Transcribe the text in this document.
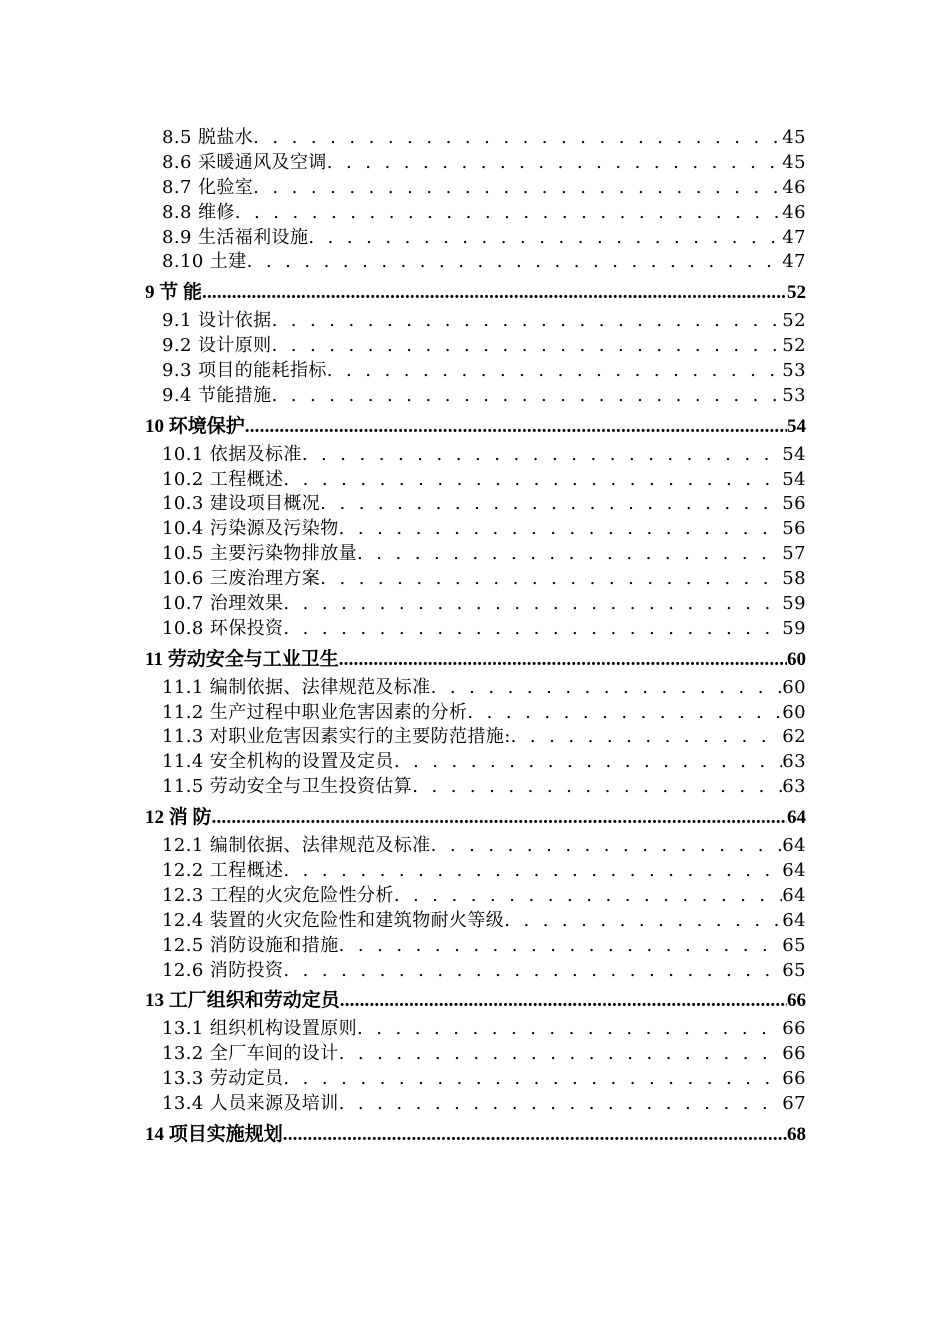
8.5 脱盐水 . . .	45
8.6 采暖通风及空调 . . .	45
8.7 化验室 . . .	46
8.8 维修 . . .	46
8.9 生活福利设施 . . .	47
8.10 土建 . . .	47
9 节 能 .....	52
9.1 设计依据 . . .	52
9.2 设计原则 . . .	52
9.3 项目的能耗指标 . . .	53
9.4 节能措施 . . .	53
10 环境保护 .....	54
10.1 依据及标准 . . .	54
10.2 工程概述 . . .	54
10.3 建设项目概况 . . .	56
10.4 污染源及污染物 . . .	56
10.5 主要污染物排放量 . . .	57
10.6 三废治理方案 . . .	58
10.7 治理效果 . . .	59
10.8 环保投资 . . .	59
11 劳动安全与工业卫生 .....	60
11.1 编制依据、法律规范及标准 . . .	60
11.2 生产过程中职业危害因素的分析 . . .	60
11.3 对职业危害因素实行的主要防范措施: . . .	62
11.4 安全机构的设置及定员 . . .	63
11.5 劳动安全与卫生投资估算 . . .	63
12 消 防 .....	64
12.1 编制依据、法律规范及标准 . . .	64
12.2 工程概述 . . .	64
12.3 工程的火灾危险性分析 . . .	64
12.4 装置的火灾危险性和建筑物耐火等级 . . .	64
12.5 消防设施和措施 . . .	65
12.6 消防投资 . . .	65
13 工厂组织和劳动定员 .....	66
13.1 组织机构设置原则 . . .	66
13.2 全厂车间的设计 . . .	66
13.3 劳动定员 . . .	66
13.4 人员来源及培训 . . .	67
14 项目实施规划 .....	68
